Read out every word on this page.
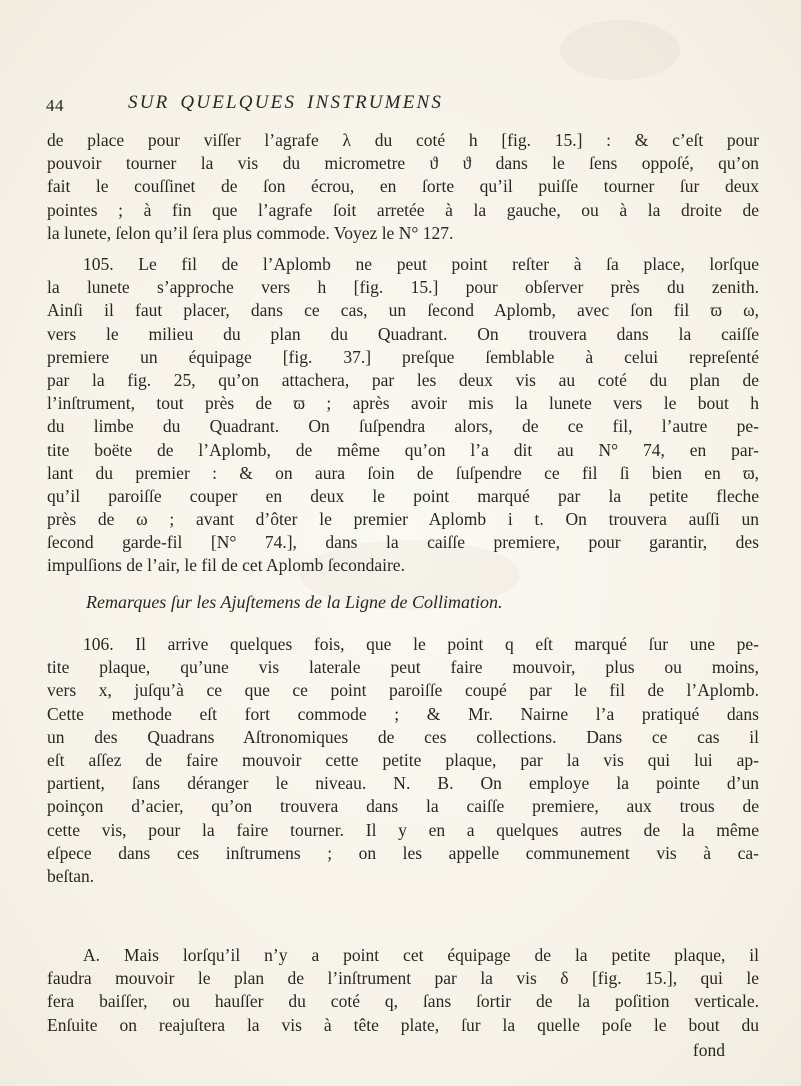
44	SUR QUELQUES INSTRUMENS
de place pour viſſer l’agrafe λ du coté h [fig. 15.] : & c’eſt pour
pouvoir tourner la vis du micrometre ϑ ϑ dans le ſens oppoſé, qu’on
fait le couſſinet de ſon écrou, en ſorte qu’il puiſſe tourner ſur deux
pointes ; à fin que l’agrafe ſoit arretée à la gauche, ou à la droite de
la lunete, ſelon qu’il ſera plus commode. Voyez le N° 127.
105. Le fil de l’Aplomb ne peut point reſter à ſa place, lorſque
la lunete s’approche vers h [fig. 15.] pour obſerver près du zenith.
Ainſi il faut placer, dans ce cas, un ſecond Aplomb, avec ſon fil ϖ ω,
vers le milieu du plan du Quadrant. On trouvera dans la caiſſe
premiere un équipage [fig. 37.] preſque ſemblable à celui repreſenté
par la fig. 25, qu’on attachera, par les deux vis au coté du plan de
l’inſtrument, tout près de ϖ ; après avoir mis la lunete vers le bout h
du limbe du Quadrant. On ſuſpendra alors, de ce fil, l’autre pe-
tite boëte de l’Aplomb, de même qu’on l’a dit au N° 74, en par-
lant du premier : & on aura ſoin de ſuſpendre ce fil ſi bien en ϖ,
qu’il paroiſſe couper en deux le point marqué par la petite fleche
près de ω ; avant d’ôter le premier Aplomb i t. On trouvera auſſi un
ſecond garde-fil [N° 74.], dans la caiſſe premiere, pour garantir, des
impulſions de l’air, le fil de cet Aplomb ſecondaire.
Remarques ſur les Ajuſtemens de la Ligne de Collimation.
106. Il arrive quelques fois, que le point q eſt marqué ſur une pe-
tite plaque, qu’une vis laterale peut faire mouvoir, plus ou moins,
vers x, juſqu’à ce que ce point paroiſſe coupé par le fil de l’Aplomb.
Cette methode eſt fort commode ; & Mr. Nairne l’a pratiqué dans
un des Quadrans Aſtronomiques de ces collections. Dans ce cas il
eſt aſſez de faire mouvoir cette petite plaque, par la vis qui lui ap-
partient, ſans déranger le niveau. N. B. On employe la pointe d’un
poinçon d’acier, qu’on trouvera dans la caiſſe premiere, aux trous de
cette vis, pour la faire tourner. Il y en a quelques autres de la même
eſpece dans ces inſtrumens ; on les appelle communement vis à ca-
beſtan.
A. Mais lorſqu’il n’y a point cet équipage de la petite plaque, il
faudra mouvoir le plan de l’inſtrument par la vis δ [fig. 15.], qui le
fera baiſſer, ou hauſſer du coté q, ſans ſortir de la poſition verticale.
Enſuite on reajuſtera la vis à tête plate, ſur la quelle poſe le bout du
fond
